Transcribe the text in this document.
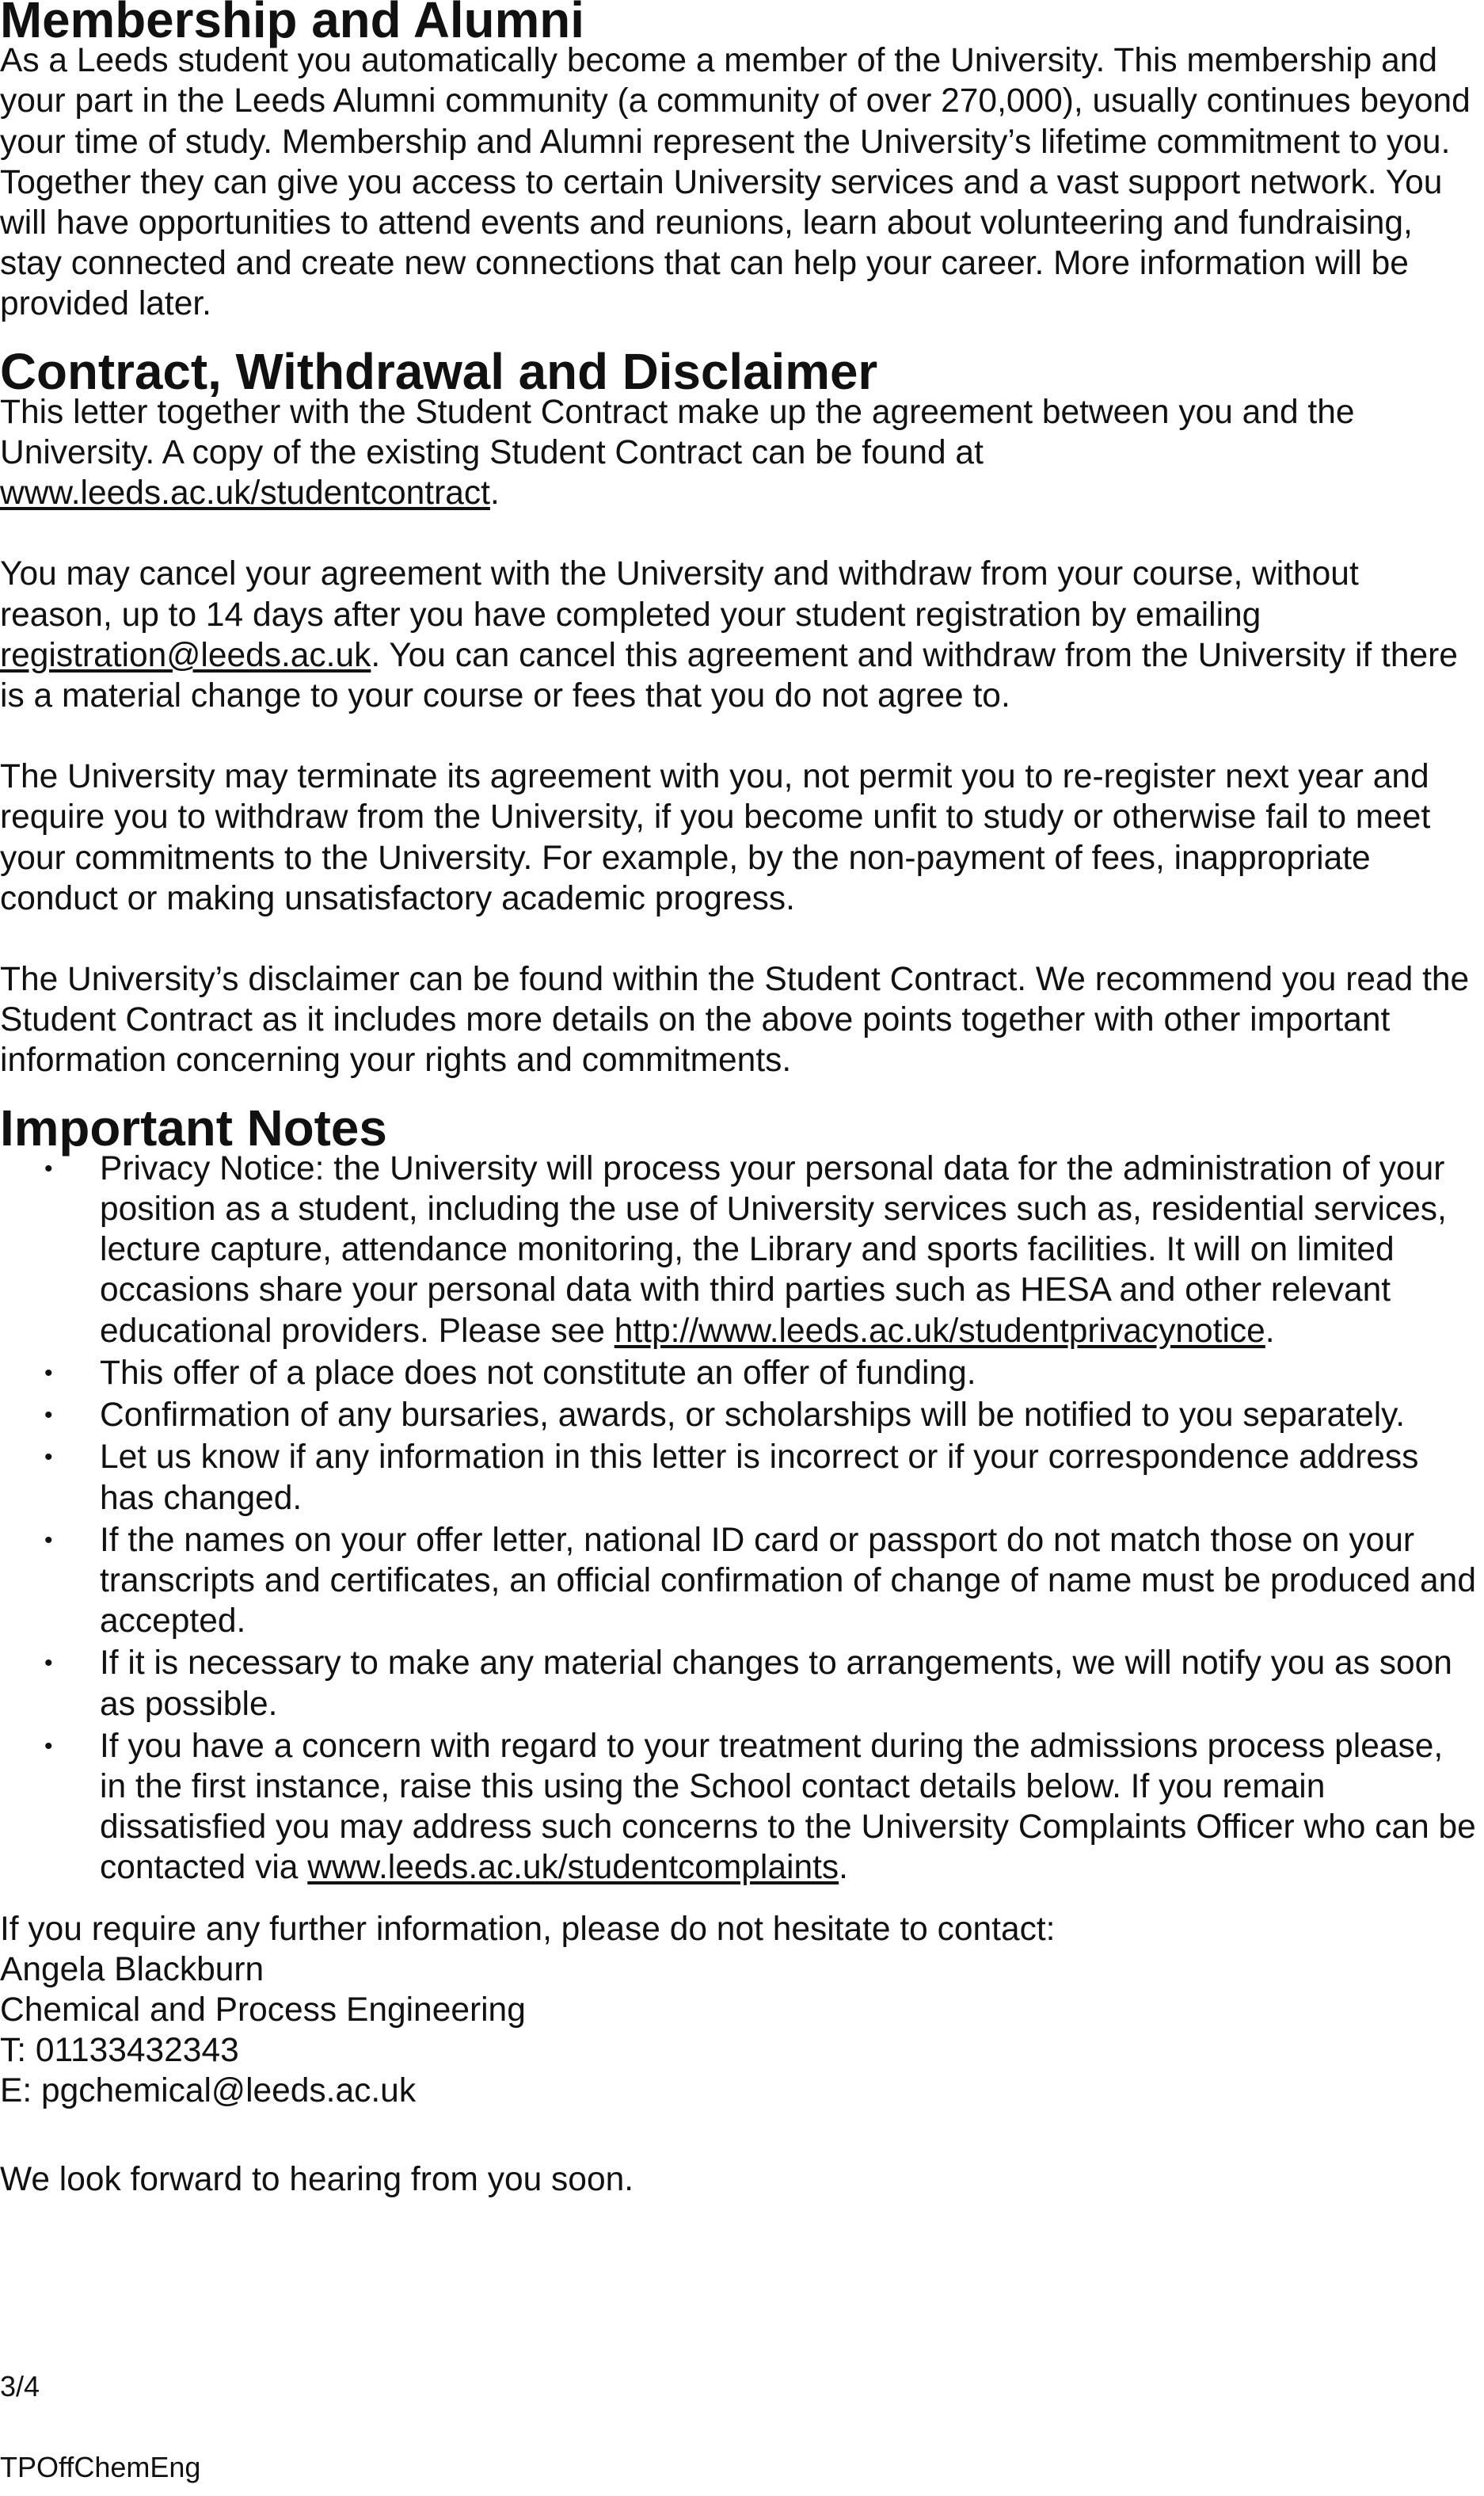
Membership and Alumni

As a Leeds student you automatically become a member of the University. This membership and your part in the Leeds Alumni community (a community of over 270,000), usually continues beyond your time of study. Membership and Alumni represent the University’s lifetime commitment to you. Together they can give you access to certain University services and a vast support network. You will have opportunities to attend events and reunions, learn about volunteering and fundraising, stay connected and create new connections that can help your career. More information will be provided later.

Contract, Withdrawal and Disclaimer

This letter together with the Student Contract make up the agreement between you and the University. A copy of the existing Student Contract can be found at www.leeds.ac.uk/studentcontract.

You may cancel your agreement with the University and withdraw from your course, without reason, up to 14 days after you have completed your student registration by emailing registration@leeds.ac.uk. You can cancel this agreement and withdraw from the University if there is a material change to your course or fees that you do not agree to.

The University may terminate its agreement with you, not permit you to re-register next year and require you to withdraw from the University, if you become unfit to study or otherwise fail to meet your commitments to the University. For example, by the non-payment of fees, inappropriate conduct or making unsatisfactory academic progress.

The University’s disclaimer can be found within the Student Contract. We recommend you read the Student Contract as it includes more details on the above points together with other important information concerning your rights and commitments.

Important Notes
• Privacy Notice: the University will process your personal data for the administration of your position as a student, including the use of University services such as, residential services, lecture capture, attendance monitoring, the Library and sports facilities. It will on limited occasions share your personal data with third parties such as HESA and other relevant educational providers. Please see http://www.leeds.ac.uk/studentprivacynotice.
• This offer of a place does not constitute an offer of funding.
• Confirmation of any bursaries, awards, or scholarships will be notified to you separately.
• Let us know if any information in this letter is incorrect or if your correspondence address has changed.
• If the names on your offer letter, national ID card or passport do not match those on your transcripts and certificates, an official confirmation of change of name must be produced and accepted.
• If it is necessary to make any material changes to arrangements, we will notify you as soon as possible.
• If you have a concern with regard to your treatment during the admissions process please, in the first instance, raise this using the School contact details below. If you remain dissatisfied you may address such concerns to the University Complaints Officer who can be contacted via www.leeds.ac.uk/studentcomplaints.

If you require any further information, please do not hesitate to contact:

Angela Blackburn

Chemical and Process Engineering

T: 01133432343

E: pgchemical@leeds.ac.uk

We look forward to hearing from you soon.

3/4
TPOffChemEng
